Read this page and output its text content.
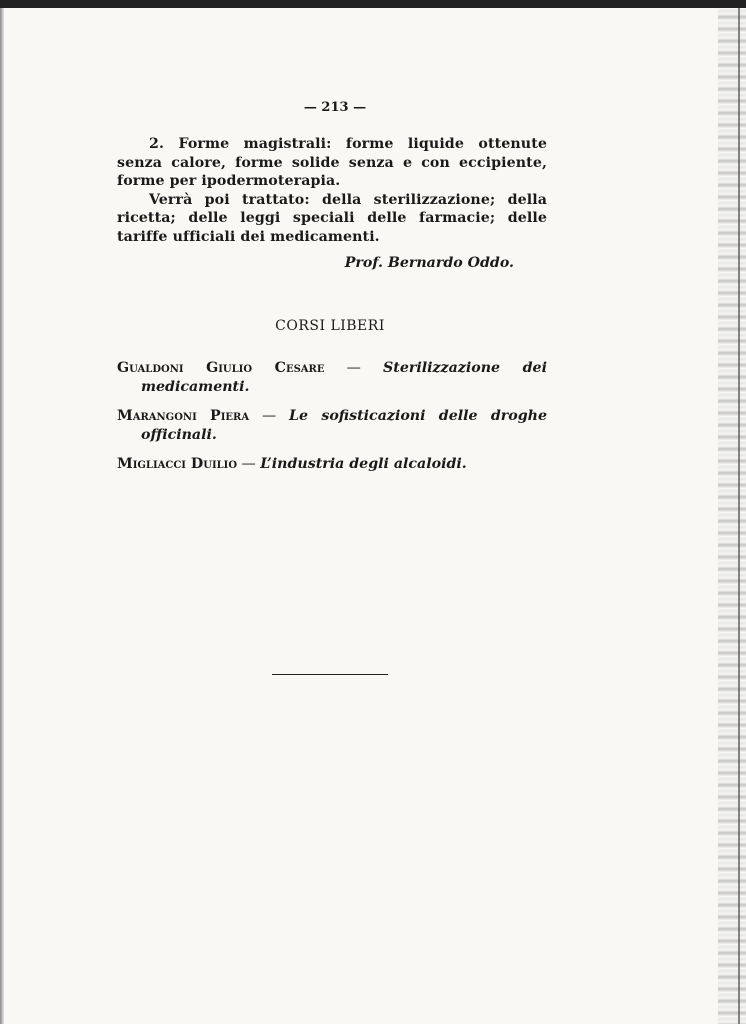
— 213 —

2. Forme magistrali: forme liquide ottenute senza calore, forme solide senza e con eccipiente, forme per ipodermoterapia.

Verrà poi trattato: della sterilizzazione; della ricetta; delle leggi speciali delle farmacie; delle tariffe ufficiali dei medicamenti.

Prof. Bernardo Oddo.
CORSI LIBERI
Gualdoni Giulio Cesare — Sterilizzazione dei medicamenti.
Marangoni Piera — Le sofisticazioni delle droghe officinali.
Migliacci Duilio — L’industria degli alcaloidi.
